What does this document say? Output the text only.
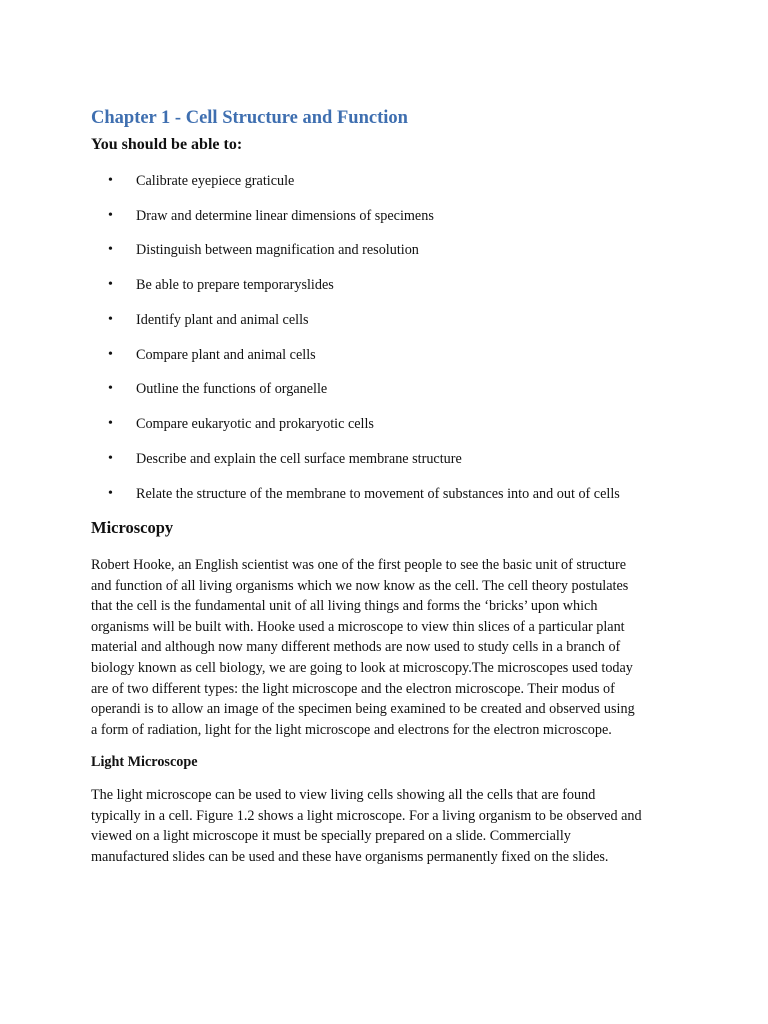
Chapter 1 - Cell Structure and Function
You should be able to:
•	Calibrate eyepiece graticule
•	Draw and determine linear dimensions of specimens
•	Distinguish between magnification and resolution
•	Be able to prepare temporaryslides
•	Identify plant and animal cells
•	Compare plant and animal cells
•	Outline the functions of organelle
•	Compare eukaryotic and prokaryotic cells
•	Describe and explain the cell surface membrane structure
•	Relate the structure of the membrane to movement of substances into and out of cells
Microscopy
Robert Hooke, an English scientist was one of the first people to see the basic unit of structure
and function of all living organisms which we now know as the cell. The cell theory postulates
that the cell is the fundamental unit of all living things and forms the ‘bricks’ upon which
organisms will be built with. Hooke used a microscope to view thin slices of a particular plant
material and although now many different methods are now used to study cells in a branch of
biology known as cell biology, we are going to look at microscopy.The microscopes used today
are of two different types: the light microscope and the electron microscope. Their modus of
operandi is to allow an image of the specimen being examined to be created and observed using
a form of radiation, light for the light microscope and electrons for the electron microscope.
Light Microscope
The light microscope can be used to view living cells showing all the cells that are found
typically in a cell. Figure 1.2 shows a light microscope. For a living organism to be observed and
viewed on a light microscope it must be specially prepared on a slide. Commercially
manufactured slides can be used and these have organisms permanently fixed on the slides.
